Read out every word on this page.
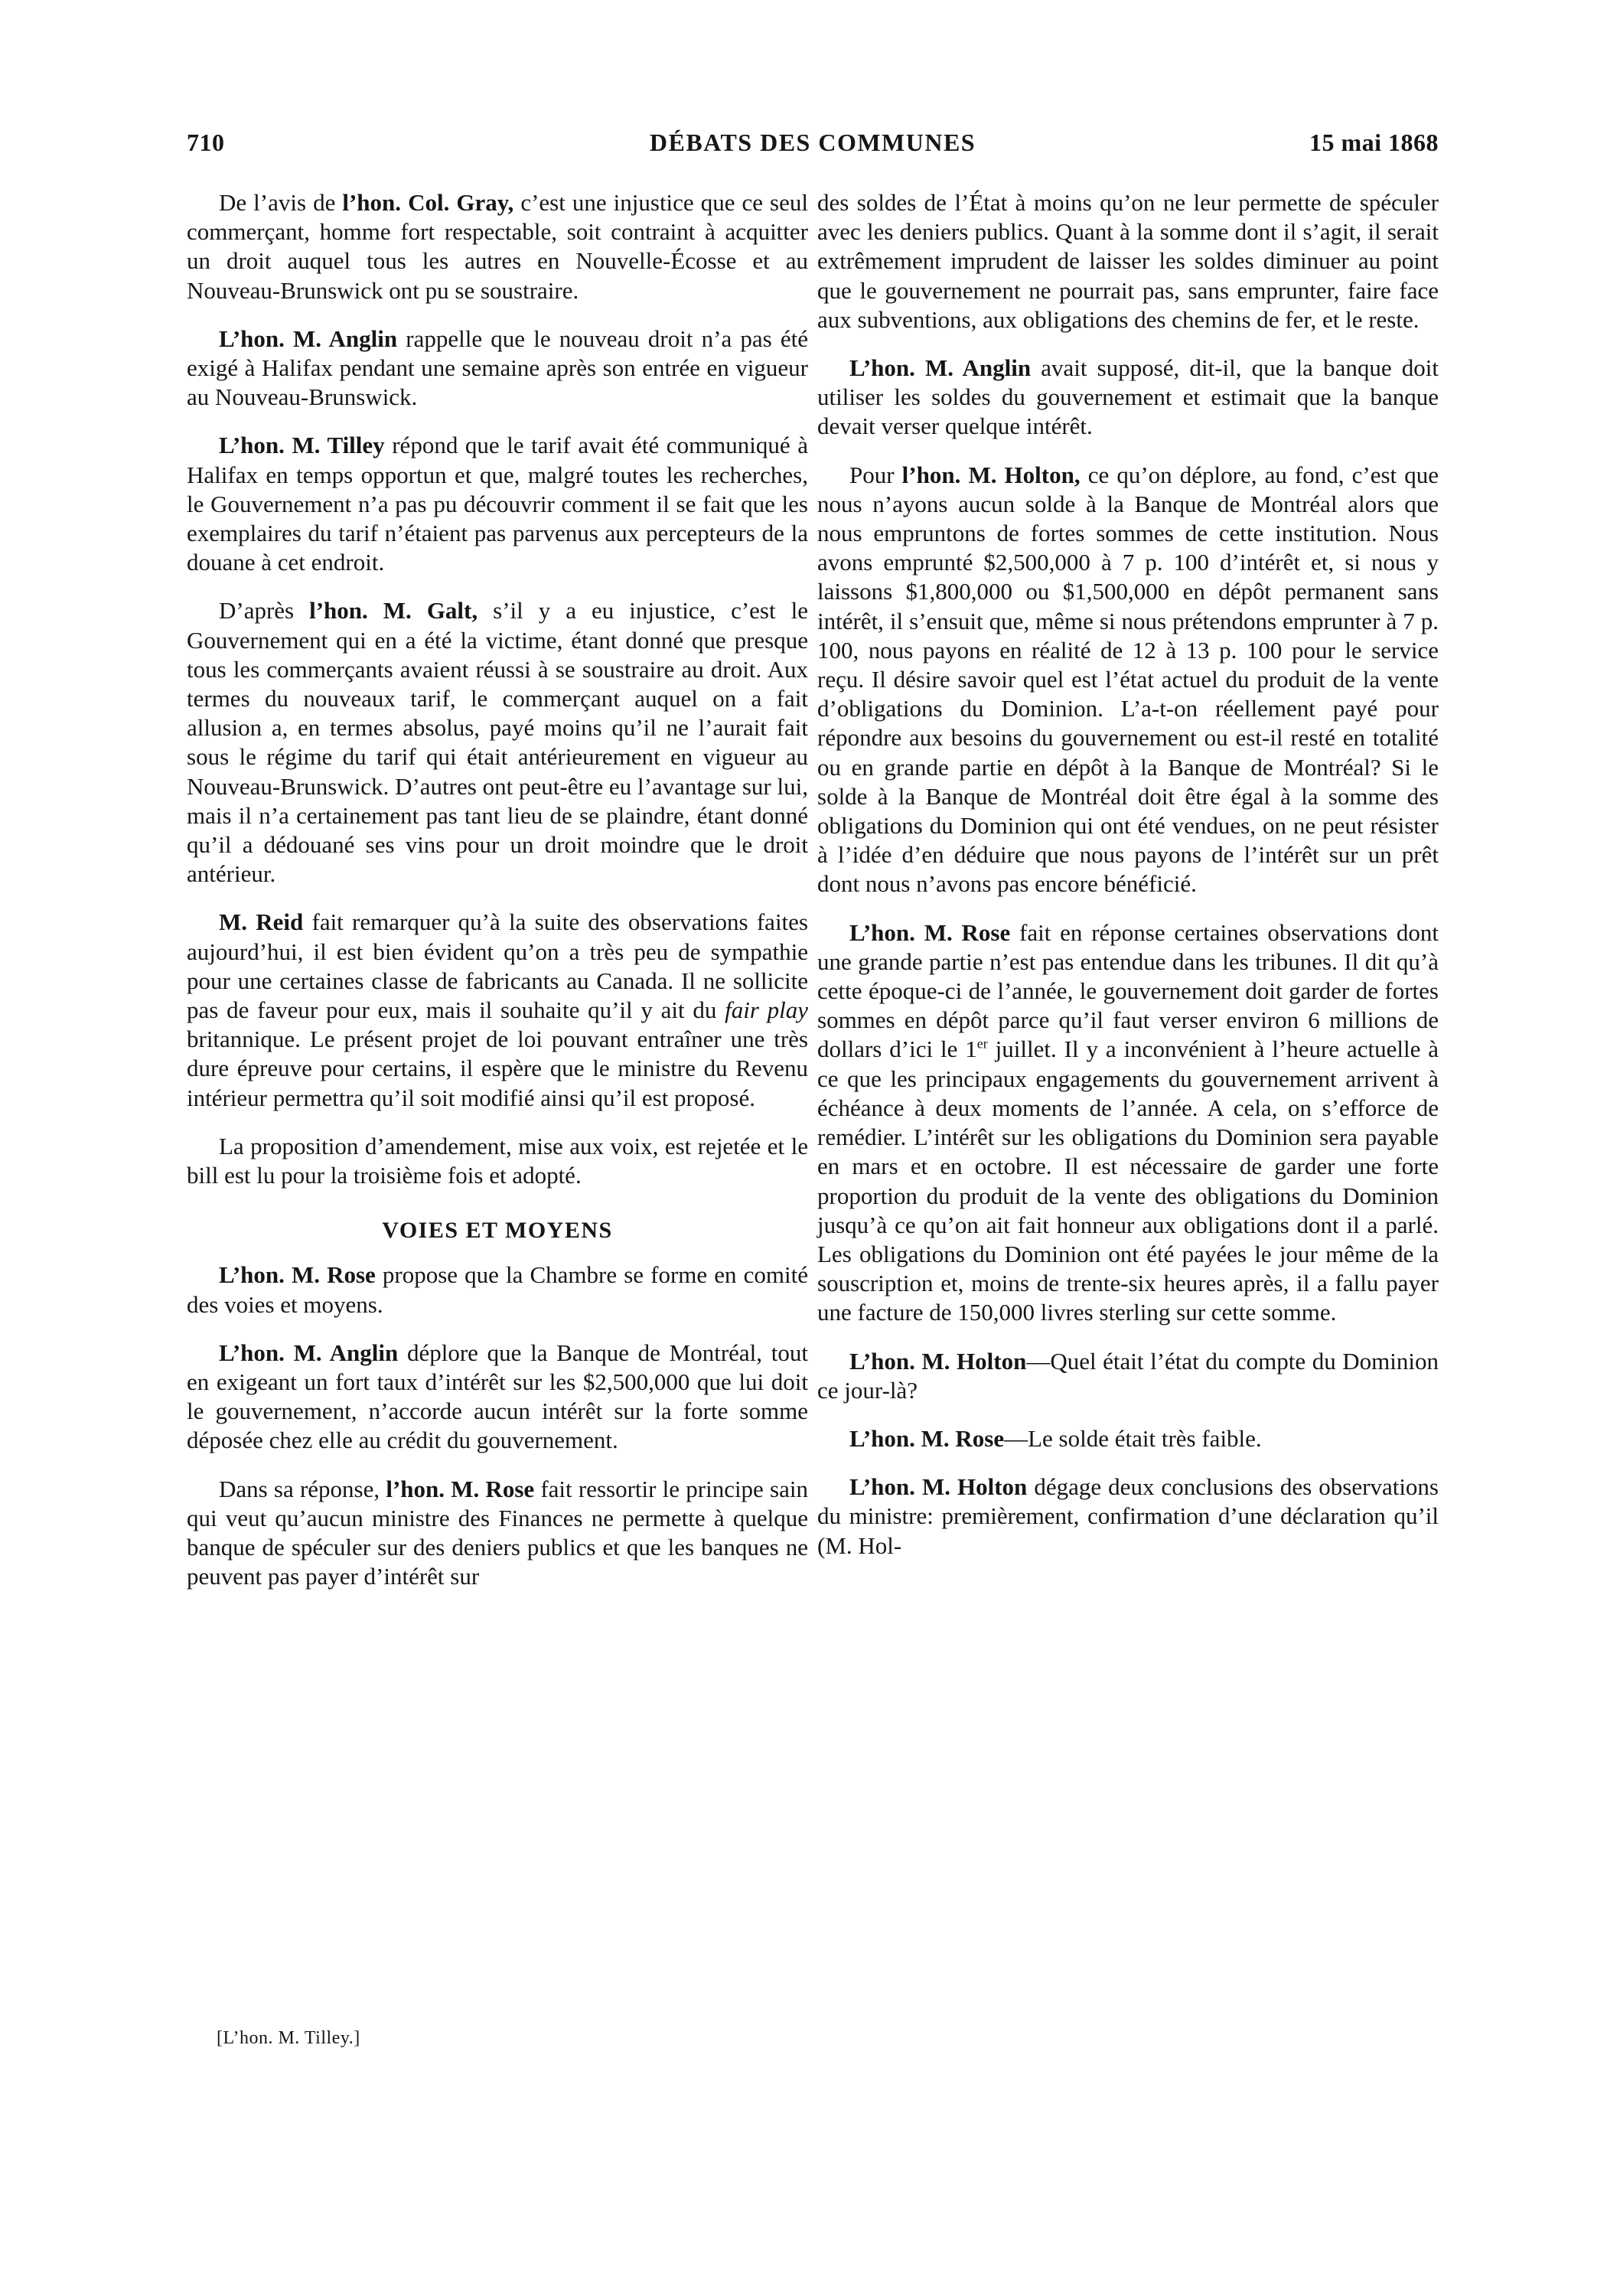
710	DÉBATS DES COMMUNES	15 mai 1868

De l’avis de l’hon. Col. Gray, c’est une injustice que ce seul commerçant, homme fort respectable, soit contraint à acquitter un droit auquel tous les autres en Nouvelle-Écosse et au Nouveau-Brunswick ont pu se soustraire.

L’hon. M. Anglin rappelle que le nouveau droit n’a pas été exigé à Halifax pendant une semaine après son entrée en vigueur au Nouveau-Brunswick.

L’hon. M. Tilley répond que le tarif avait été communiqué à Halifax en temps opportun et que, malgré toutes les recherches, le Gouvernement n’a pas pu découvrir comment il se fait que les exemplaires du tarif n’étaient pas parvenus aux percepteurs de la douane à cet endroit.

D’après l’hon. M. Galt, s’il y a eu injustice, c’est le Gouvernement qui en a été la victime, étant donné que presque tous les commerçants avaient réussi à se soustraire au droit. Aux termes du nouveaux tarif, le commerçant auquel on a fait allusion a, en termes absolus, payé moins qu’il ne l’aurait fait sous le régime du tarif qui était antérieurement en vigueur au Nouveau-Brunswick. D’autres ont peut-être eu l’avantage sur lui, mais il n’a certainement pas tant lieu de se plaindre, étant donné qu’il a dédouané ses vins pour un droit moindre que le droit antérieur.

M. Reid fait remarquer qu’à la suite des observations faites aujourd’hui, il est bien évident qu’on a très peu de sympathie pour une certaines classe de fabricants au Canada. Il ne sollicite pas de faveur pour eux, mais il souhaite qu’il y ait du fair play britannique. Le présent projet de loi pouvant entraîner une très dure épreuve pour certains, il espère que le ministre du Revenu intérieur permettra qu’il soit modifié ainsi qu’il est proposé.

La proposition d’amendement, mise aux voix, est rejetée et le bill est lu pour la troisième fois et adopté.

VOIES ET MOYENS

L’hon. M. Rose propose que la Chambre se forme en comité des voies et moyens.

L’hon. M. Anglin déplore que la Banque de Montréal, tout en exigeant un fort taux d’intérêt sur les $2,500,000 que lui doit le gouvernement, n’accorde aucun intérêt sur la forte somme déposée chez elle au crédit du gouvernement.

Dans sa réponse, l’hon. M. Rose fait ressortir le principe sain qui veut qu’aucun ministre des Finances ne permette à quelque banque de spéculer sur des deniers publics et que les banques ne peuvent pas payer d’intérêt sur

[L’hon. M. Tilley.]

des soldes de l’État à moins qu’on ne leur permette de spéculer avec les deniers publics. Quant à la somme dont il s’agit, il serait extrêmement imprudent de laisser les soldes diminuer au point que le gouvernement ne pourrait pas, sans emprunter, faire face aux subventions, aux obligations des chemins de fer, et le reste.

L’hon. M. Anglin avait supposé, dit-il, que la banque doit utiliser les soldes du gouvernement et estimait que la banque devait verser quelque intérêt.

Pour l’hon. M. Holton, ce qu’on déplore, au fond, c’est que nous n’ayons aucun solde à la Banque de Montréal alors que nous empruntons de fortes sommes de cette institution. Nous avons emprunté $2,500,000 à 7 p. 100 d’intérêt et, si nous y laissons $1,800,000 ou $1,500,000 en dépôt permanent sans intérêt, il s’ensuit que, même si nous prétendons emprunter à 7 p. 100, nous payons en réalité de 12 à 13 p. 100 pour le service reçu. Il désire savoir quel est l’état actuel du produit de la vente d’obligations du Dominion. L’a-t-on réellement payé pour répondre aux besoins du gouvernement ou est-il resté en totalité ou en grande partie en dépôt à la Banque de Montréal? Si le solde à la Banque de Montréal doit être égal à la somme des obligations du Dominion qui ont été vendues, on ne peut résister à l’idée d’en déduire que nous payons de l’intérêt sur un prêt dont nous n’avons pas encore bénéficié.

L’hon. M. Rose fait en réponse certaines observations dont une grande partie n’est pas entendue dans les tribunes. Il dit qu’à cette époque-ci de l’année, le gouvernement doit garder de fortes sommes en dépôt parce qu’il faut verser environ 6 millions de dollars d’ici le 1er juillet. Il y a inconvénient à l’heure actuelle à ce que les principaux engagements du gouvernement arrivent à échéance à deux moments de l’année. A cela, on s’efforce de remédier. L’intérêt sur les obligations du Dominion sera payable en mars et en octobre. Il est nécessaire de garder une forte proportion du produit de la vente des obligations du Dominion jusqu’à ce qu’on ait fait honneur aux obligations dont il a parlé. Les obligations du Dominion ont été payées le jour même de la souscription et, moins de trente-six heures après, il a fallu payer une facture de 150,000 livres sterling sur cette somme.

L’hon. M. Holton—Quel était l’état du compte du Dominion ce jour-là?

L’hon. M. Rose—Le solde était très faible.

L’hon. M. Holton dégage deux conclusions des observations du ministre: premièrement, confirmation d’une déclaration qu’il (M. Hol-
